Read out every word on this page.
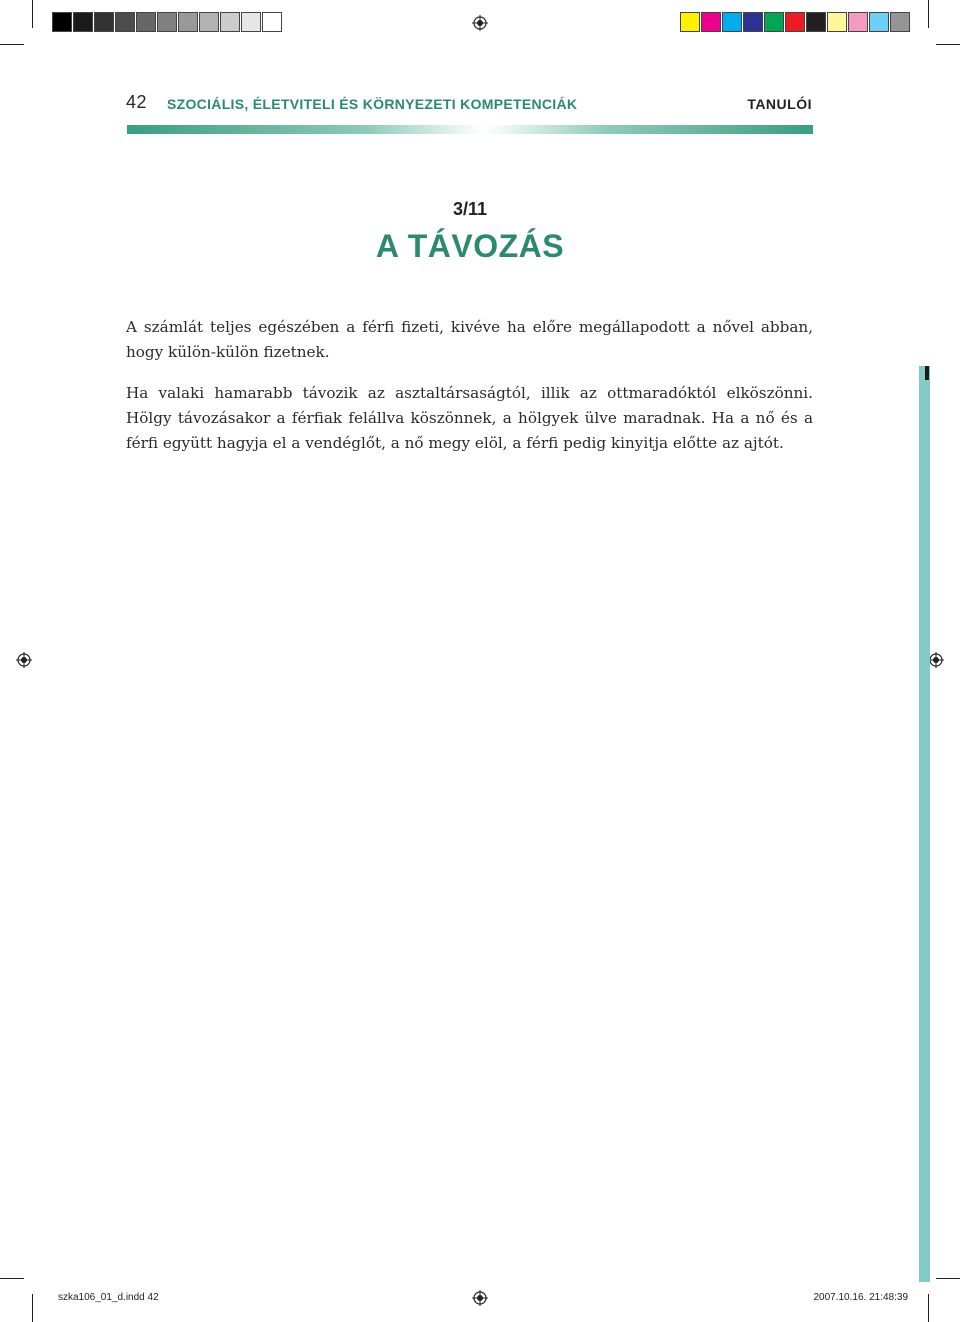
42 SZOCIÁLIS, ÉLETVITELI ÉS KÖRNYEZETI KOMPETENCIÁK	TANULÓI
3/11
A TÁVOZÁS

A számlát teljes egészében a férfi fizeti, kivéve ha előre megállapodott a nővel abban, hogy külön-külön fizetnek.

Ha valaki hamarabb távozik az asztaltársaságtól, illik az ottmaradóktól elköszönni. Hölgy távozásakor a férfiak felállva köszönnek, a hölgyek ülve maradnak. Ha a nő és a férfi együtt hagyja el a vendéglőt, a nő megy elöl, a férfi pedig kinyitja előtte az ajtót.

szka106_01_d.indd 42	2007.10.16. 21:48:39
